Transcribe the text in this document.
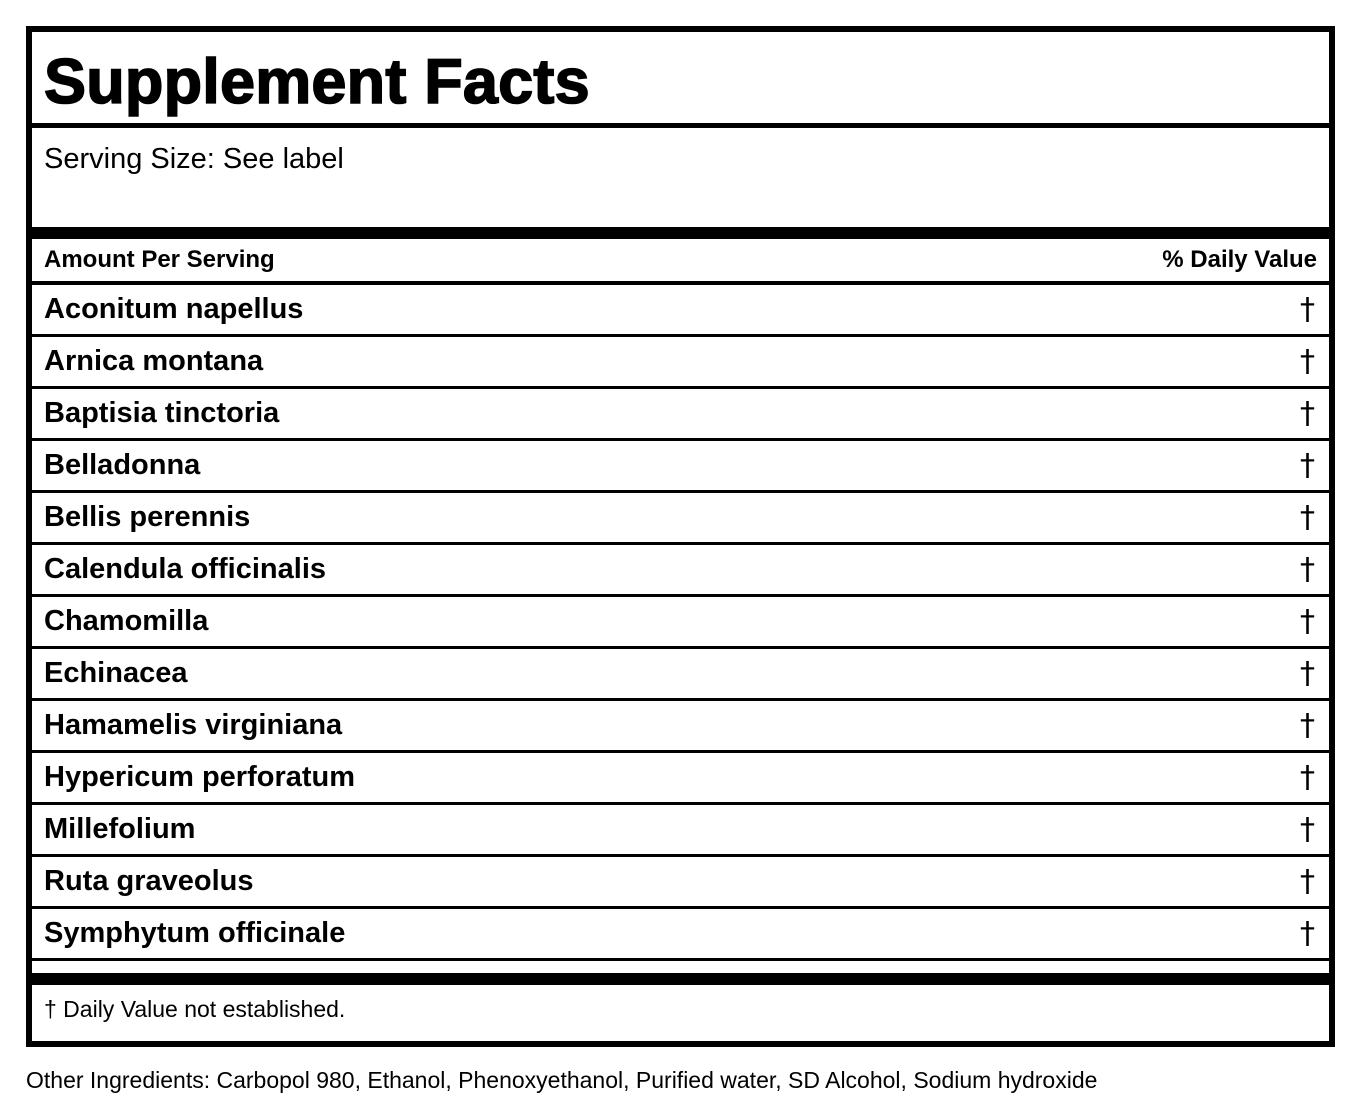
Supplement Facts
Serving Size: See label
Amount Per Serving	% Daily Value
Aconitum napellus	†
Arnica montana	†
Baptisia tinctoria	†
Belladonna	†
Bellis perennis	†
Calendula officinalis	†
Chamomilla	†
Echinacea	†
Hamamelis virginiana	†
Hypericum perforatum	†
Millefolium	†
Ruta graveolus	†
Symphytum officinale	†
† Daily Value not established.
Other Ingredients: Carbopol 980, Ethanol, Phenoxyethanol, Purified water, SD Alcohol, Sodium hydroxide
